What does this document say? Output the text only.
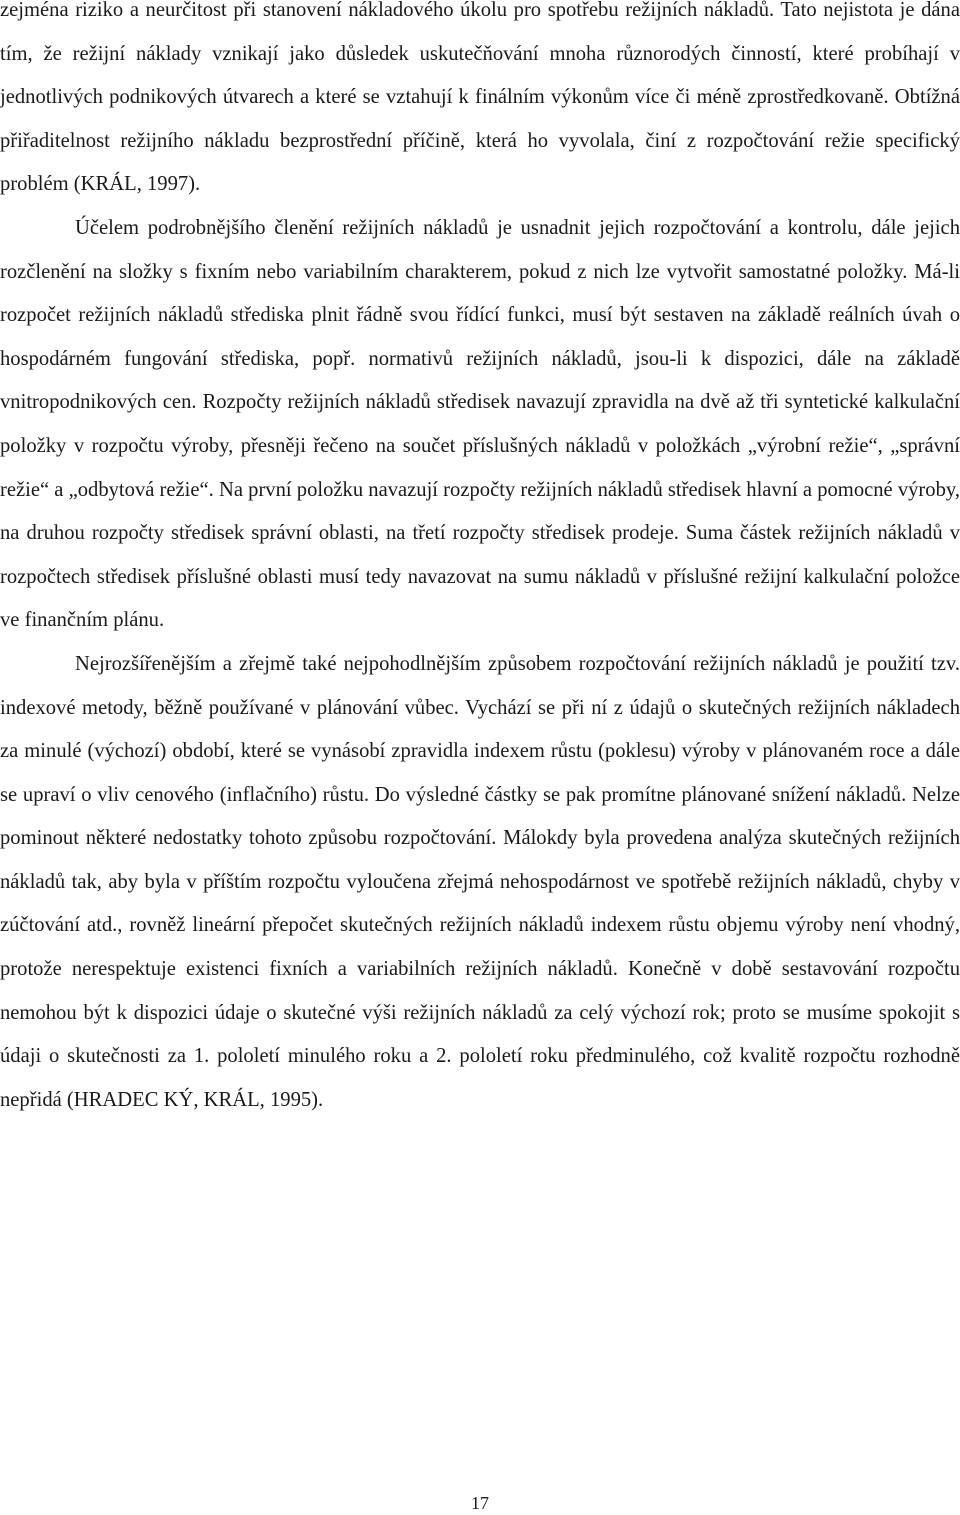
zejména riziko a neurčitost při stanovení nákladového úkolu pro spotřebu režijních nákladů. Tato nejistota je dána tím, že režijní náklady vznikají jako důsledek uskutečňování mnoha různorodých činností, které probíhají v jednotlivých podnikových útvarech a které se vztahují k finálním výkonům více či méně zprostředkovaně. Obtížná přiřaditelnost režijního nákladu bezprostřední příčině, která ho vyvolala, činí z rozpočtování režie specifický problém (KRÁL, 1997).

Účelem podrobnějšího členění režijních nákladů je usnadnit jejich rozpočtování a kontrolu, dále jejich rozčlenění na složky s fixním nebo variabilním charakterem, pokud z nich lze vytvořit samostatné položky. Má-li rozpočet režijních nákladů střediska plnit řádně svou řídící funkci, musí být sestaven na základě reálních úvah o hospodárném fungování střediska, popř. normativů režijních nákladů, jsou-li k dispozici, dále na základě vnitropodnikových cen. Rozpočty režijních nákladů středisek navazují zpravidla na dvě až tři syntetické kalkulační položky v rozpočtu výroby, přesněji řečeno na součet příslušných nákladů v položkách „výrobní režie“, „správní režie“ a „odbytová režie“. Na první položku navazují rozpočty režijních nákladů středisek hlavní a pomocné výroby, na druhou rozpočty středisek správní oblasti, na třetí rozpočty středisek prodeje. Suma částek režijních nákladů v rozpočtech středisek příslušné oblasti musí tedy navazovat na sumu nákladů v příslušné režijní kalkulační položce ve finančním plánu.

Nejrozšířenějším a zřejmě také nejpohodlnějším způsobem rozpočtování režijních nákladů je použití tzv. indexové metody, běžně používané v plánování vůbec. Vychází se při ní z údajů o skutečných režijních nákladech za minulé (výchozí) období, které se vynásobí zpravidla indexem růstu (poklesu) výroby v plánovaném roce a dále se upraví o vliv cenového (inflačního) růstu. Do výsledné částky se pak promítne plánované snížení nákladů. Nelze pominout některé nedostatky tohoto způsobu rozpočtování. Málokdy byla provedena analýza skutečných režijních nákladů tak, aby byla v příštím rozpočtu vyloučena zřejmá nehospodárnost ve spotřebě režijních nákladů, chyby v zúčtování atd., rovněž lineární přepočet skutečných režijních nákladů indexem růstu objemu výroby není vhodný, protože nerespektuje existenci fixních a variabilních režijních nákladů. Konečně v době sestavování rozpočtu nemohou být k dispozici údaje o skutečné výši režijních nákladů za celý výchozí rok; proto se musíme spokojit s údaji o skutečnosti za 1. pololetí minulého roku a 2. pololetí roku předminulého, což kvalitě rozpočtu rozhodně nepřidá (HRADEC KÝ, KRÁL, 1995).

17
